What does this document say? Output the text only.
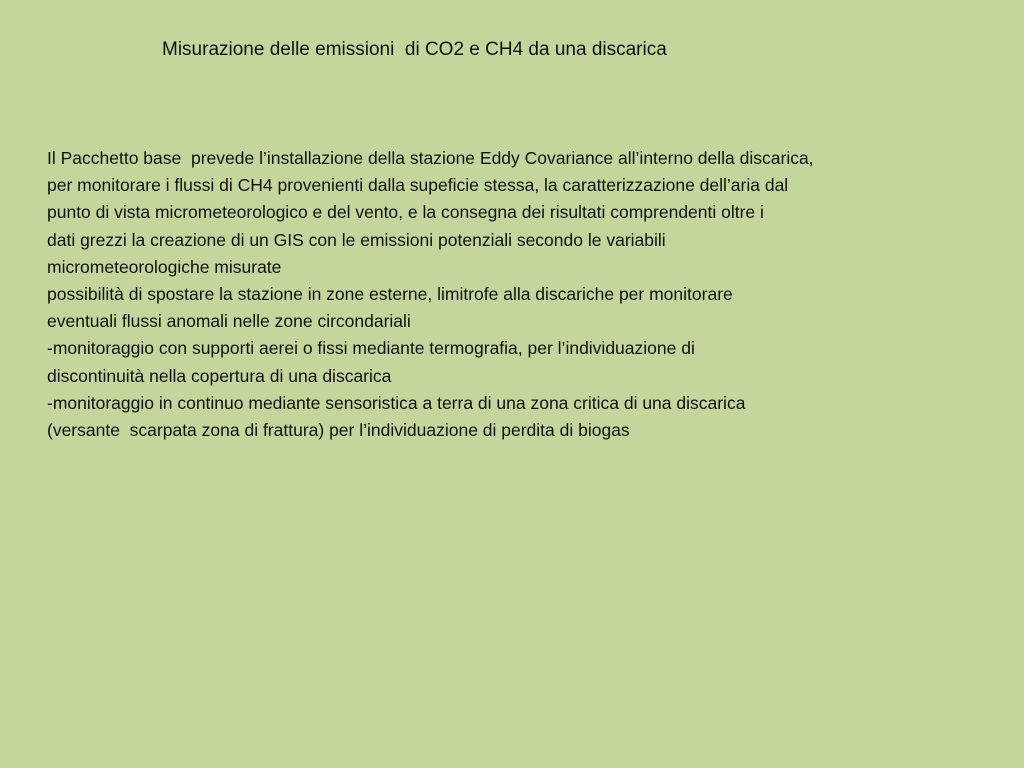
Misurazione delle emissioni  di CO2 e CH4 da una discarica
Il Pacchetto base  prevede l’installazione della stazione Eddy Covariance all’interno della discarica,
per monitorare i flussi di CH4 provenienti dalla supeficie stessa, la caratterizzazione dell’aria dal
punto di vista micrometeorologico e del vento, e la consegna dei risultati comprendenti oltre i
dati grezzi la creazione di un GIS con le emissioni potenziali secondo le variabili
micrometeorologiche misurate
possibilità di spostare la stazione in zone esterne, limitrofe alla discariche per monitorare
eventuali flussi anomali nelle zone circondariali
-monitoraggio con supporti aerei o fissi mediante termografia, per l’individuazione di
discontinuità nella copertura di una discarica
-monitoraggio in continuo mediante sensoristica a terra di una zona critica di una discarica
(versante  scarpata zona di frattura) per l’individuazione di perdita di biogas
